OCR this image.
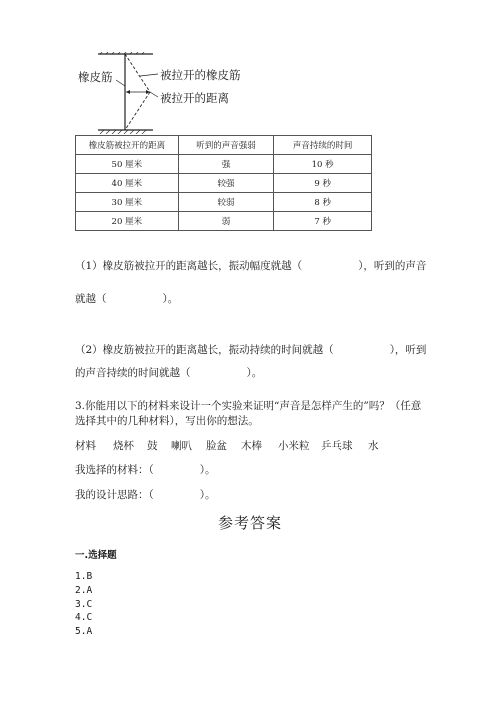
橡皮筋	被拉开的橡皮筋
被拉开的距离
橡皮筋被拉开的距离	听到的声音强弱	声音持续的时间
50 厘米	强	10 秒
40 厘米	较强	9 秒
30 厘米	较弱	8 秒
20 厘米	弱	7 秒
（1）橡皮筋被拉开的距离越长，振动幅度就越（	），听到的声音
就越（	）。
（2）橡皮筋被拉开的距离越长，振动持续的时间就越（	），听到
的声音持续的时间就越（	）。
3.你能用以下的材料来设计一个实验来证明“声音是怎样产生的”吗？（任意
选择其中的几种材料），写出你的想法。
材料 烧杯 鼓 喇叭 脸盆 木棒 小米粒 乒乓球 水
我选择的材料：（	）。
我的设计思路：（	）。
参考答案
一.选择题
1.B
2.A
3.C
4.C
5.A
